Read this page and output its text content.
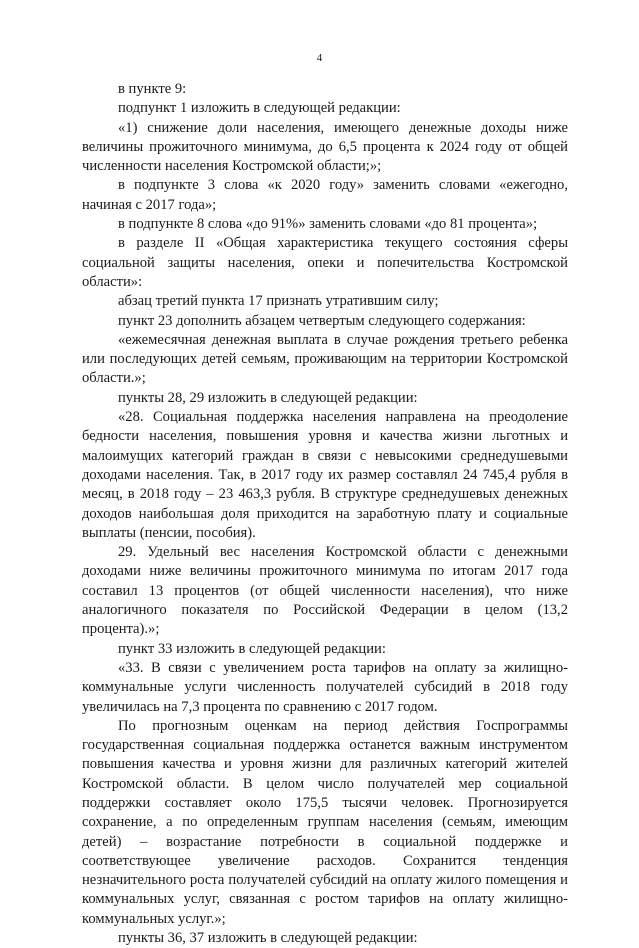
4

в пункте 9:

подпункт 1 изложить в следующей редакции:

«1) снижение доли населения, имеющего денежные доходы ниже величины прожиточного минимума, до 6,5 процента к 2024 году от общей численности населения Костромской области;»;

в подпункте 3 слова «к 2020 году» заменить словами «ежегодно, начиная с 2017 года»;

в подпункте 8 слова «до 91%» заменить словами «до 81 процента»;

в разделе II «Общая характеристика текущего состояния сферы социальной защиты населения, опеки и попечительства Костромской области»:

абзац третий пункта 17 признать утратившим силу;

пункт 23 дополнить абзацем четвертым следующего содержания:

«ежемесячная денежная выплата в случае рождения третьего ребенка или последующих детей семьям, проживающим на территории Костромской области.»;

пункты 28, 29 изложить в следующей редакции:

«28. Социальная поддержка населения направлена на преодоление бедности населения, повышения уровня и качества жизни льготных и малоимущих категорий граждан в связи с невысокими среднедушевыми доходами населения. Так, в 2017 году их размер составлял 24 745,4 рубля в месяц, в 2018 году – 23 463,3 рубля. В структуре среднедушевых денежных доходов наибольшая доля приходится на заработную плату и социальные выплаты (пенсии, пособия).

29. Удельный вес населения Костромской области с денежными доходами ниже величины прожиточного минимума по итогам 2017 года составил 13 процентов (от общей численности населения), что ниже аналогичного показателя по Российской Федерации в целом (13,2 процента).»;

пункт 33 изложить в следующей редакции:

«33. В связи с увеличением роста тарифов на оплату за жилищно-коммунальные услуги численность получателей субсидий в 2018 году увеличилась на 7,3 процента по сравнению с 2017 годом.

По прогнозным оценкам на период действия Госпрограммы государственная социальная поддержка останется важным инструментом повышения качества и уровня жизни для различных категорий жителей Костромской области. В целом число получателей мер социальной поддержки составляет около 175,5 тысячи человек. Прогнозируется сохранение, а по определенным группам населения (семьям, имеющим детей) – возрастание потребности в социальной поддержке и соответствующее увеличение расходов. Сохранится тенденция незначительного роста получателей субсидий на оплату жилого помещения и коммунальных услуг, связанная с ростом тарифов на оплату жилищно-коммунальных услуг.»;

пункты 36, 37 изложить в следующей редакции:
